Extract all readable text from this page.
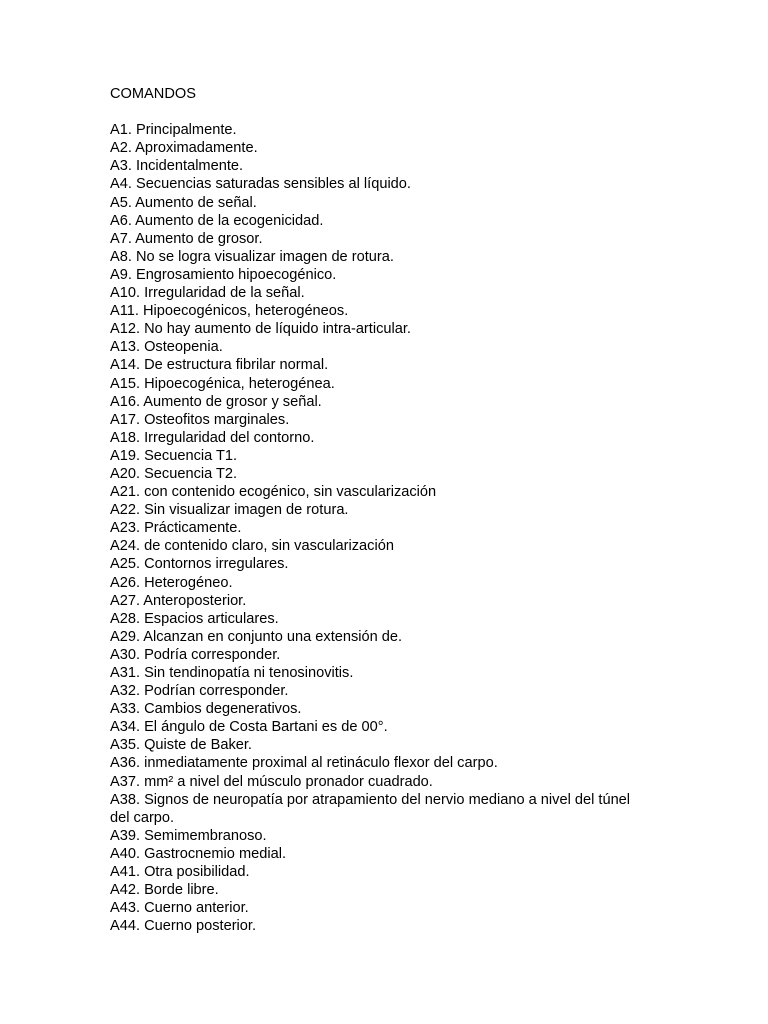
COMANDOS
A1. Principalmente.
A2. Aproximadamente.
A3. Incidentalmente.
A4. Secuencias saturadas sensibles al líquido.
A5. Aumento de señal.
A6. Aumento de la ecogenicidad.
A7. Aumento de grosor.
A8. No se logra visualizar imagen de rotura.
A9. Engrosamiento hipoecogénico.
A10. Irregularidad de la señal.
A11. Hipoecogénicos, heterogéneos.
A12. No hay aumento de líquido intra-articular.
A13. Osteopenia.
A14. De estructura fibrilar normal.
A15. Hipoecogénica, heterogénea.
A16. Aumento de grosor y señal.
A17. Osteofitos marginales.
A18. Irregularidad del contorno.
A19. Secuencia T1.
A20. Secuencia T2.
A21. con contenido ecogénico, sin vascularización
A22. Sin visualizar imagen de rotura.
A23. Prácticamente.
A24. de contenido claro, sin vascularización
A25. Contornos irregulares.
A26. Heterogéneo.
A27. Anteroposterior.
A28. Espacios articulares.
A29. Alcanzan en conjunto una extensión de.
A30. Podría corresponder.
A31. Sin tendinopatía ni tenosinovitis.
A32. Podrían corresponder.
A33. Cambios degenerativos.
A34. El ángulo de Costa Bartani es de 00°.
A35. Quiste de Baker.
A36. inmediatamente proximal al retináculo flexor del carpo.
A37. mm² a nivel del músculo pronador cuadrado.
A38. Signos de neuropatía por atrapamiento del nervio mediano a nivel del túnel del carpo.
A39. Semimembranoso.
A40. Gastrocnemio medial.
A41. Otra posibilidad.
A42. Borde libre.
A43. Cuerno anterior.
A44. Cuerno posterior.
